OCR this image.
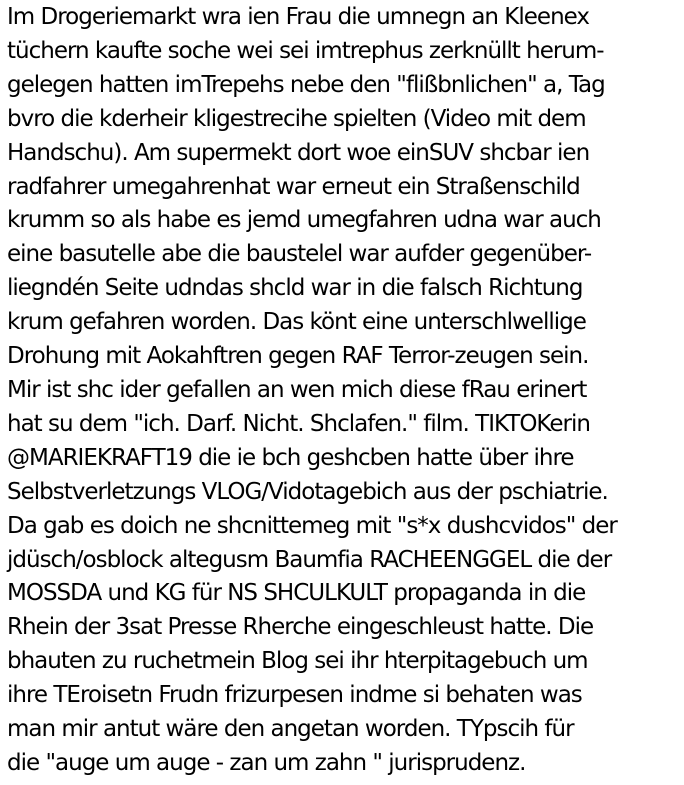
Im Drogeriemarkt wra ien Frau die umnegn an Kleenex
tüchern kaufte soche wei sei imtrephus zerknüllt herum-
gelegen hatten imTrepehs nebe den "flißbnlichen" a, Tag
bvro die kderheir kligestrecihe spielten (Video mit dem
Handschu). Am supermekt dort woe einSUV shcbar ien
radfahrer umegahrenhat war erneut ein Straßenschild
krumm so als habe es jemd umegfahren udna war auch
eine basutelle abe die baustelel war aufder gegenüber-
liegndén Seite udndas shcld war in die falsch Richtung
krum gefahren worden. Das könt eine unterschlwellige
Drohung mit Aokahftren gegen RAF Terror-zeugen sein.
Mir ist shc ider gefallen an wen mich diese fRau erinert
hat su dem "ich. Darf. Nicht. Shclafen." film. TIKTOKerin
@MARIEKRAFT19 die ie bch geshcben hatte über ihre
Selbstverletzungs VLOG/Vidotagebich aus der pschiatrie.
Da gab es doich ne shcnittemeg mit "s*x dushcvidos" der
jdüsch/osblock altegusm Baumfia RACHEENGGEL die der
MOSSDA und KG für NS SHCULKULT propaganda in die
Rhein der 3sat Presse Rherche eingeschleust hatte. Die
bhauten zu ruchetmein Blog sei ihr hterpitagebuch um
ihre TEroisetn Frudn frizurpesen indme si behaten was
man mir antut wäre den angetan worden. TYpscih für
die "auge um auge - zan um zahn " jurisprudenz.
